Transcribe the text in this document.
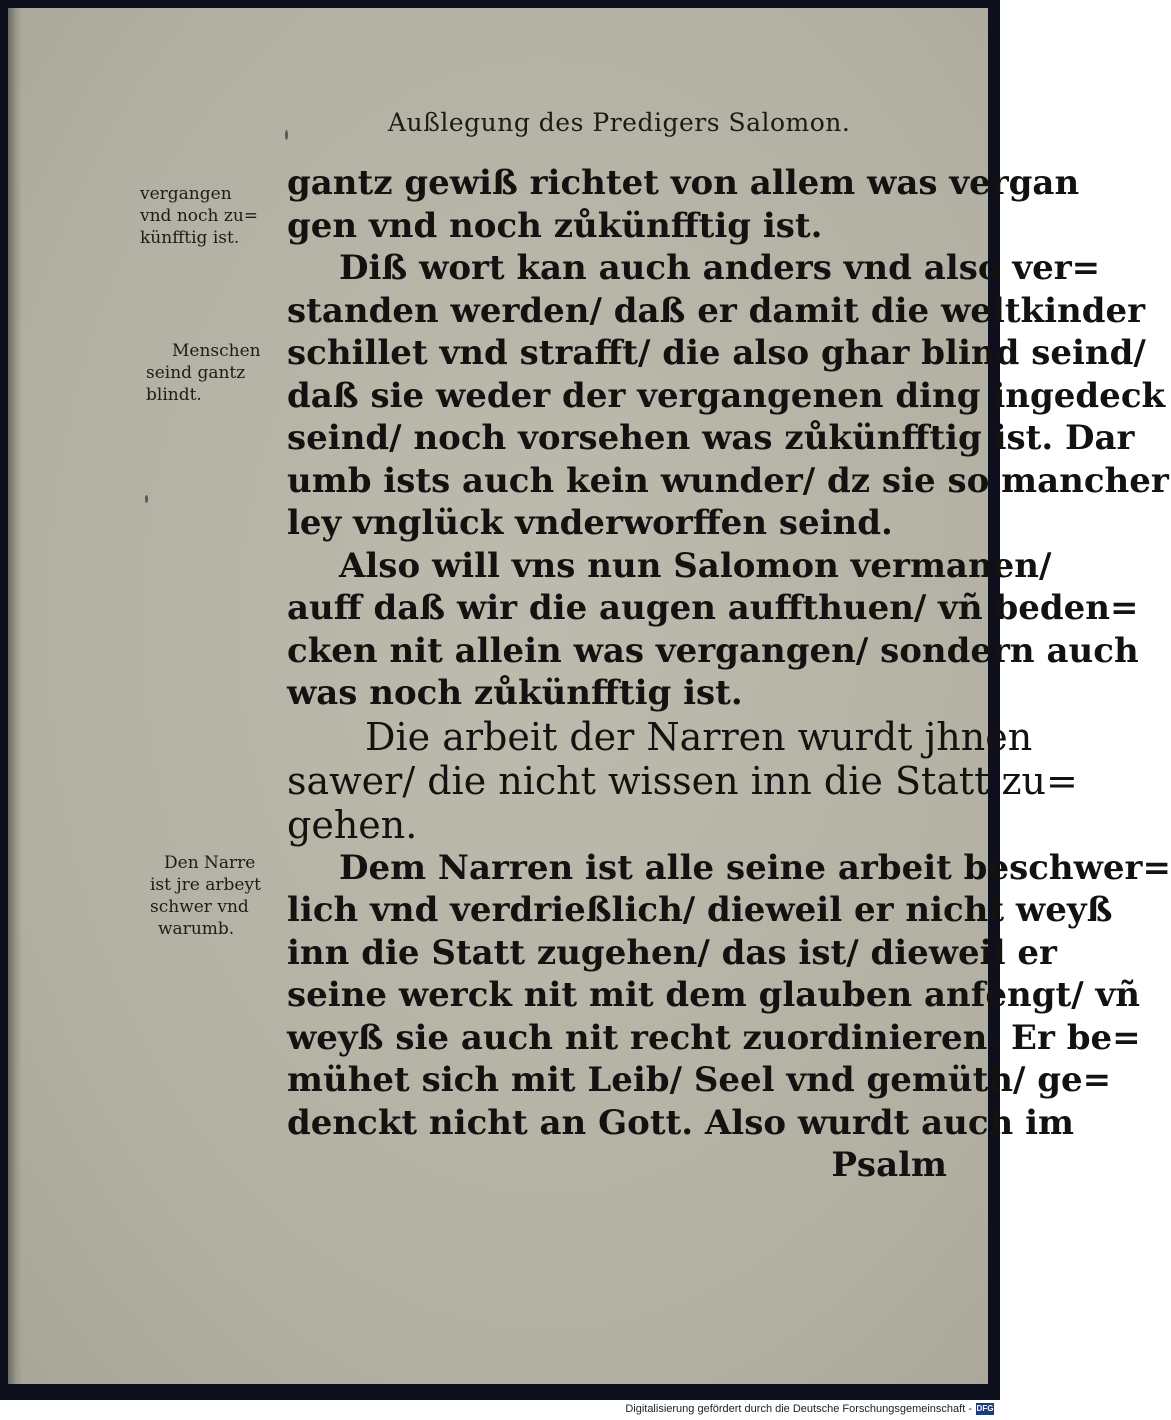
Außlegung des Predigers Salomon.
vergangen
vnd noch zu=
künfftig ist.
Menschen
seind gantz
blindt.
Den Narre
ist jre arbeyt
schwer vnd
warumb.
gantz gewiß richtet von allem was vergan
gen vnd noch zůkünfftig ist.
Diß wort kan auch anders vnd also ver=
standen werden/ daß er damit die weltkinder
schillet vnd strafft/ die also ghar blind seind/
daß sie weder der vergangenen ding ingedeck
seind/ noch vorsehen was zůkünfftig ist. Dar
umb ists auch kein wunder/ dz sie so mancher
ley vnglück vnderworffen seind.
Also will vns nun Salomon vermanen/
auff daß wir die augen auffthuen/ vñ beden=
cken nit allein was vergangen/ sondern auch
was noch zůkünfftig ist.
Die arbeit der Narren wurdt jhnen
sawer/ die nicht wissen inn die Statt zu=
gehen.
Dem Narren ist alle seine arbeit beschwer=
lich vnd verdrießlich/ dieweil er nicht weyß
inn die Statt zugehen/ das ist/ dieweil er
seine werck nit mit dem glauben anfengt/ vñ
weyß sie auch nit recht zuordinieren. Er be=
mühet sich mit Leib/ Seel vnd gemüth/ ge=
denckt nicht an Gott. Also wurdt auch im
Psalm
Digitalisierung gefördert durch die Deutsche Forschungsgemeinschaft - DFG
